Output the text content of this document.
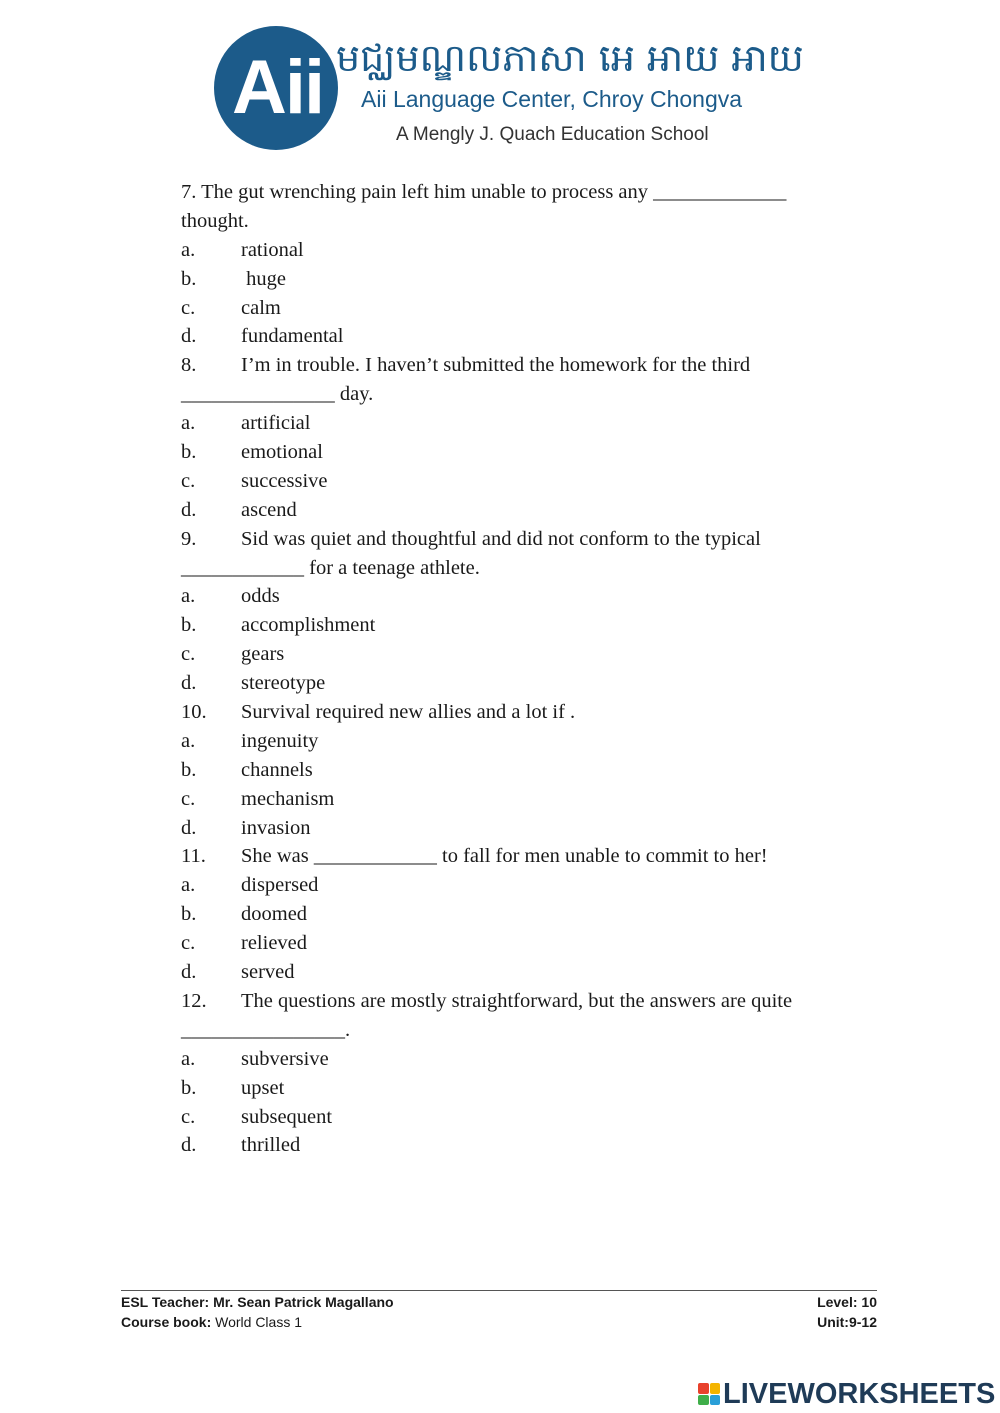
Aii មជ្ឈមណ្ឌលភាសា អេ អាយ អាយ
Aii Language Center, Chroy Chongva
A Mengly J. Quach Education School
7. The gut wrenching pain left him unable to process any _____________
thought.
a. rational
b. huge
c. calm
d. fundamental
8. I’m in trouble. I haven’t submitted the homework for the third
_______________ day.
a. artificial
b. emotional
c. successive
d. ascend
9. Sid was quiet and thoughtful and did not conform to the typical
____________ for a teenage athlete.
a. odds
b. accomplishment
c. gears
d. stereotype
10. Survival required new allies and a lot if .
a. ingenuity
b. channels
c. mechanism
d. invasion
11. She was ____________ to fall for men unable to commit to her!
a. dispersed
b. doomed
c. relieved
d. served
12. The questions are mostly straightforward, but the answers are quite
________________.
a. subversive
b. upset
c. subsequent
d. thrilled
ESL Teacher: Mr. Sean Patrick Magallano	Level: 10
Course book: World Class 1	Unit:9-12
LIVEWORKSHEETS
